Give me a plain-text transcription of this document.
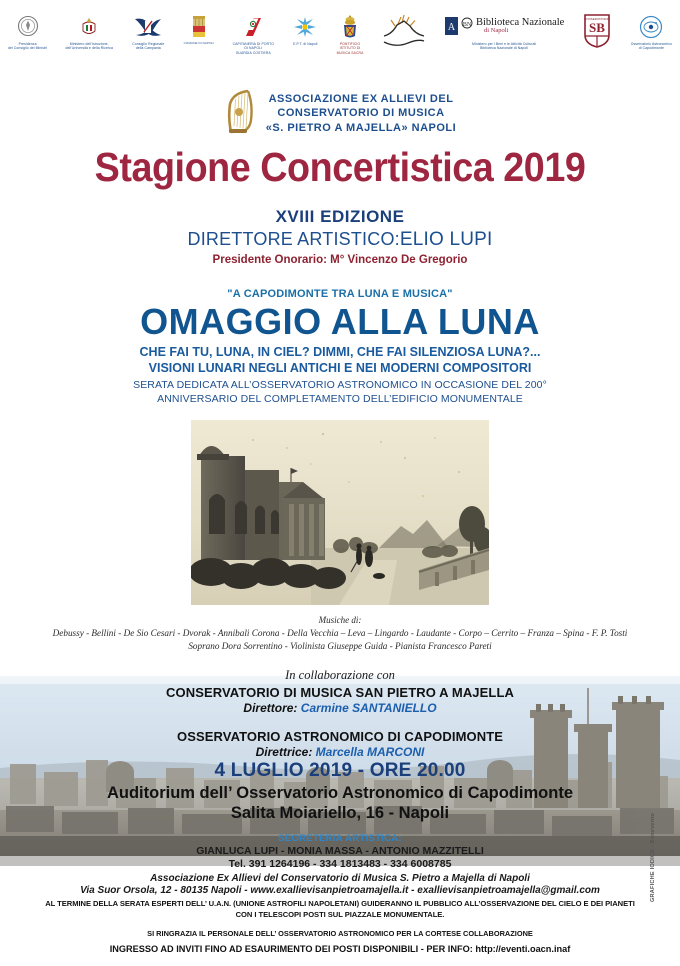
Presidenza
del Consiglio dei Ministri
Ministero dell'Istruzione,
dell'Università e della Ricerca
Consiglio Regionale
della Campania
COMUNE DI NAPOLI	CAPITANERIA DI PORTO
DI NAPOLI
GUARDIA COSTIERA
E.P.T. di Napoli	PONTIFICIO
ISTITUTO DI
MUSICA SACRA
A BN Biblioteca Nazionale
di Napoli
Ministero per i Beni e le Attività Culturali
Biblioteca Nazionale di Napoli
SB
CONSERVATORIO
Osservatorio Astronomico
di Capodimonte
ASSOCIAZIONE EX ALLIEVI DEL
CONSERVATORIO DI MUSICA
«S. PIETRO A MAJELLA» NAPOLI
Stagione Concertistica 2019
XVIII EDIZIONE
DIRETTORE ARTISTICO:ELIO LUPI
Presidente Onorario: M° Vincenzo De Gregorio
"A CAPODIMONTE TRA LUNA E MUSICA"
OMAGGIO ALLA LUNA
CHE FAI TU, LUNA, IN CIEL? DIMMI, CHE FAI SILENZIOSA LUNA?...
VISIONI LUNARI NEGLI ANTICHI E NEI MODERNI COMPOSITORI
SERATA DEDICATA ALL’OSSERVATORIO ASTRONOMICO IN OCCASIONE DEL 200°
ANNIVERSARIO DEL COMPLETAMENTO DELL’EDIFICIO MONUMENTALE
Musiche di:
Debussy - Bellini - De Sio Cesari - Dvorak - Annibali Corona - Della Vecchia – Leva – Lingardo - Laudante - Corpo – Cerrito – Franza – Spina - F. P. Tosti
Soprano Dora Sorrentino - Violinista Giuseppe Guida - Pianista Francesco Pareti
In collaborazione con
CONSERVATORIO DI MUSICA SAN PIETRO A MAJELLA
Direttore: Carmine SANTANIELLO
OSSERVATORIO ASTRONOMICO DI CAPODIMONTE
Direttrice: Marcella MARCONI
4 LUGLIO 2019 - ORE 20.00
Auditorium dell’ Osservatorio Astronomico di Capodimonte
Salita Moiariello, 16 - Napoli
SEGRETERIA ARTISTICA:
GIANLUCA LUPI - MONIA MASSA - ANTONIO MAZZITELLI
Tel. 391 1264196 - 334 1813483 - 334 6008785
Associazione Ex Allievi del Conservatorio di Musica S. Pietro a Majella di Napoli
Via Suor Orsola, 12 - 80135 Napoli - www.exallievisanpietroamajella.it - exallievisanpietroamajella@gmail.com
AL TERMINE DELLA SERATA ESPERTI DELL’ U.A.N. (UNIONE ASTROFILI NAPOLETANI) GUIDERANNO IL PUBBLICO ALL’OSSERVAZIONE DEL CIELO E DEI PIANETI
CON I TELESCOPI POSTI SUL PIAZZALE MONUMENTALE.
SI RINGRAZIA IL PERSONALE DELL’ OSSERVATORIO ASTRONOMICO PER LA CORTESE COLLABORAZIONE
INGRESSO AD INVITI FINO AD ESAURIMENTO DEI POSTI DISPONIBILI - PER INFO: http://eventi.oacn.inaf
GRAFICHE IODICE - Benevento
